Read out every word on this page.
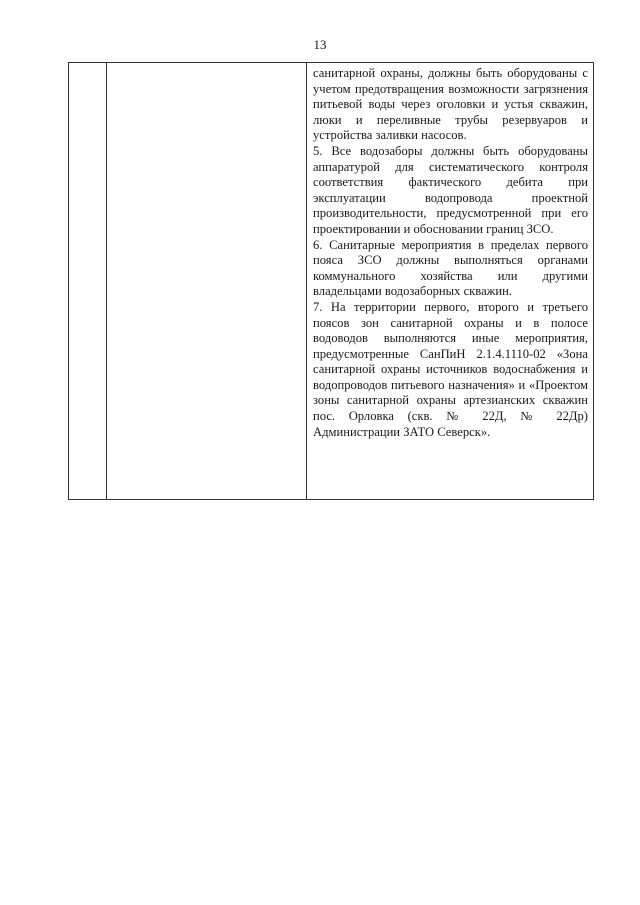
13

санитарной охраны, должны быть оборудованы с учетом предотвращения возможности загрязнения питьевой воды через оголовки и устья скважин, люки и переливные трубы резервуаров и устройства заливки насосов.

5. Все водозаборы должны быть оборудованы аппаратурой для систематического контроля соответствия фактического дебита при эксплуатации водопровода проектной производительности, предусмотренной при его проектировании и обосновании границ ЗСО.

6. Санитарные мероприятия в пределах первого пояса ЗСО должны выполняться органами коммунального хозяйства или другими владельцами водозаборных скважин.

7. На территории первого, второго и третьего поясов зон санитарной охраны и в полосе водоводов выполняются иные мероприятия, предусмотренные СанПиН 2.1.4.1110-02 «Зона санитарной охраны источников водоснабжения и водопроводов питьевого назначения» и «Проектом зоны санитарной охраны артезианских скважин пос. Орловка (скв. № 22Д, № 22Др) Администрации ЗАТО Северск».
